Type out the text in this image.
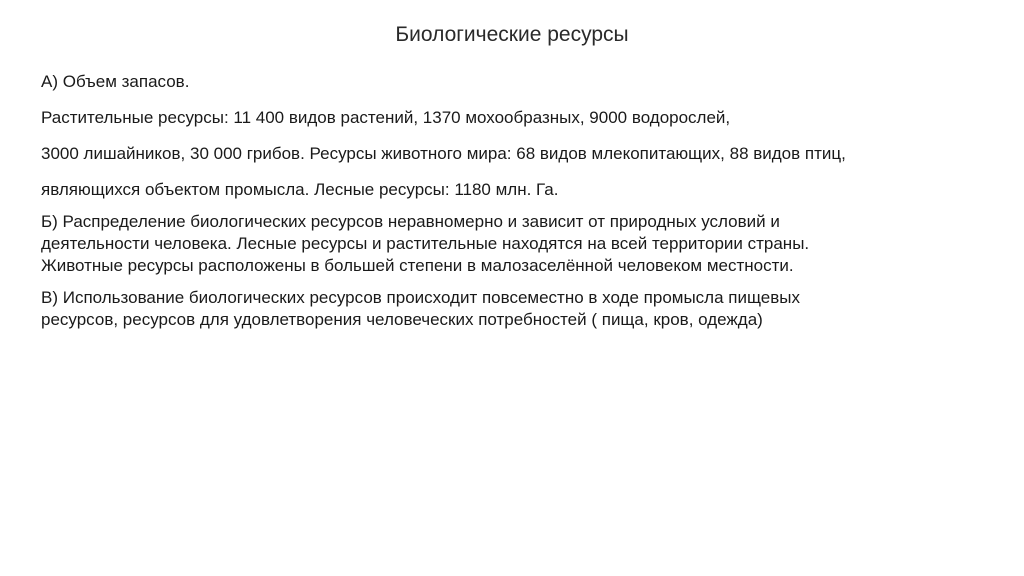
Биологические ресурсы

А) Объем запасов.

Растительные ресурсы: 11 400 видов растений, 1370 мохообразных, 9000 водорослей,

3000 лишайников, 30 000 грибов. Ресурсы животного мира: 68 видов млекопитающих, 88 видов птиц,

являющихся объектом промысла. Лесные ресурсы: 1180 млн. Га.

Б) Распределение биологических ресурсов неравномерно и зависит от природных условий и
деятельности человека. Лесные ресурсы и растительные находятся на всей территории страны.
Животные ресурсы расположены в большей степени в малозаселённой человеком местности.

В) Использование биологических ресурсов происходит повсеместно в ходе промысла пищевых
ресурсов, ресурсов для удовлетворения человеческих потребностей ( пища, кров, одежда)
